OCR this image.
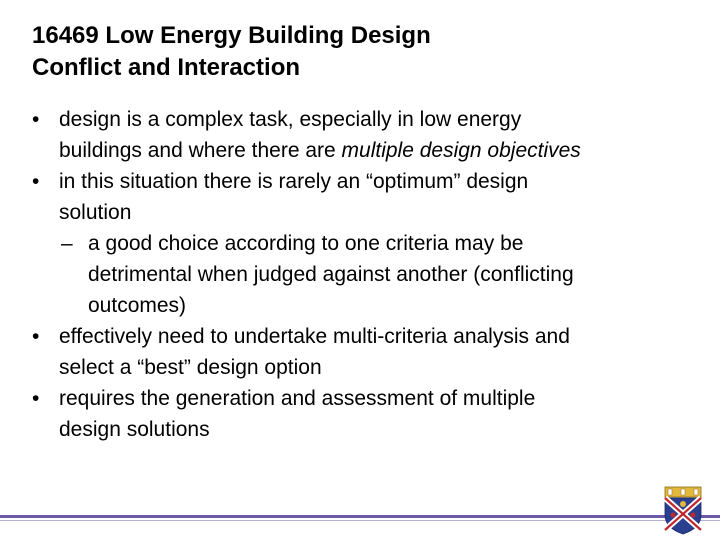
16469 Low Energy Building Design
Conflict and Interaction
• design is a complex task, especially in low energy
buildings and where there are multiple design objectives
• in this situation there is rarely an “optimum” design
solution
– a good choice according to one criteria may be
detrimental when judged against another (conflicting
outcomes)
• effectively need to undertake multi-criteria analysis and
select a “best” design option
• requires the generation and assessment of multiple
design solutions
